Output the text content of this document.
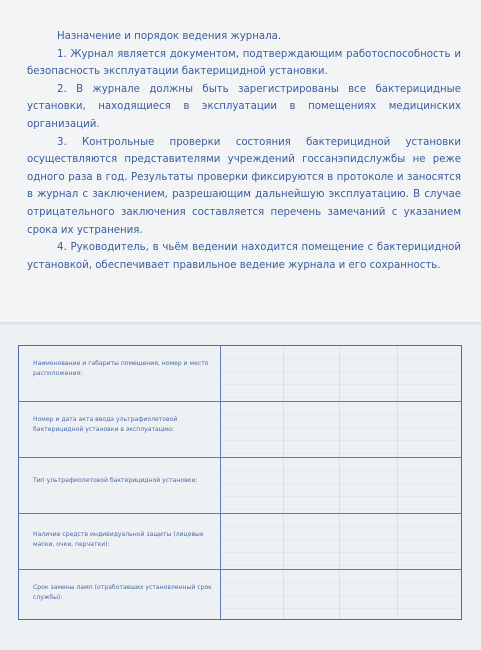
Назначение и порядок ведения журнала.

1. Журнал является документом, подтверждающим работоспособность и безопасность эксплуатации бактерицидной установки.

2. В журнале должны быть зарегистрированы все бактерицидные установки, находящиеся в эксплуатации в помещениях медицинских организаций.

3. Контрольные проверки состояния бактерицидной установки осуществляются представителями учреждений госсанэпидслужбы не реже одного раза в год. Результаты проверки фиксируются в протоколе и заносятся в журнал с заключением, разрешающим дальнейшую эксплуатацию. В случае отрицательного заключения составляется перечень замечаний с указанием срока их устранения.

4. Руководитель, в чьём ведении находится помещение с бактерицидной установкой, обеспечивает правильное ведение журнала и его сохранность.

Наименование и габариты помещения, номер и место расположения:
Номер и дата акта ввода ультрафиолетовой бактерицидной установки в эксплуатацию:
Тип ультрафиолетовой бактерицидной установки:
Наличие средств индивидуальной защиты (лицевые маски, очки, перчатки):
Срок замены ламп (отработавших установленный срок службы):
